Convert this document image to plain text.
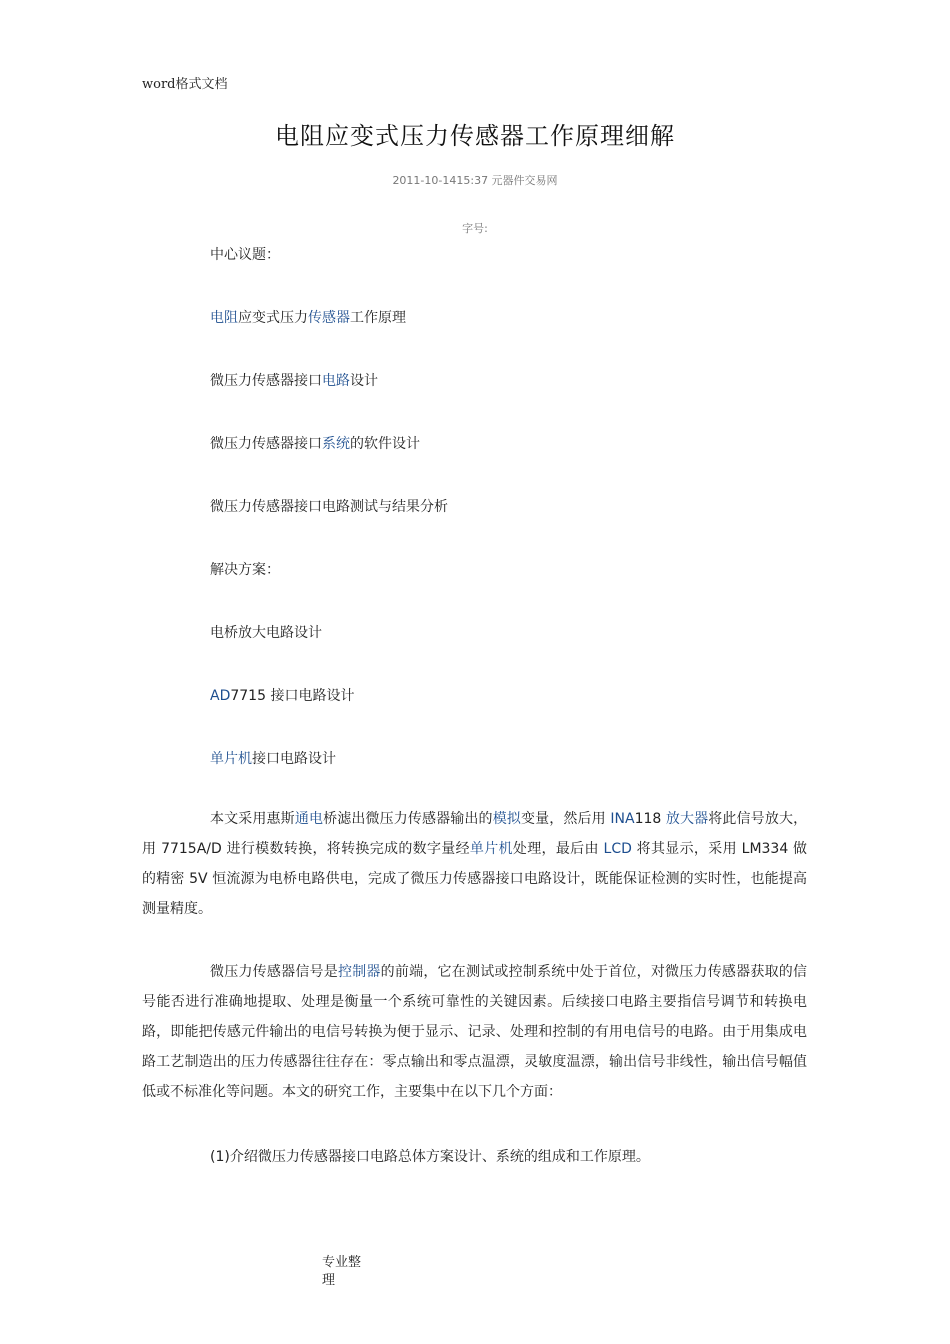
word格式文档
电阻应变式压力传感器工作原理细解
2011-10-1415:37 元器件交易网
字号:
中心议题：
电阻应变式压力传感器工作原理
微压力传感器接口电路设计
微压力传感器接口系统的软件设计
微压力传感器接口电路测试与结果分析
解决方案：
电桥放大电路设计
AD7715 接口电路设计
单片机接口电路设计
本文采用惠斯通电桥滤出微压力传感器输出的模拟变量，然后用 INA118 放大器将此信号放大，用 7715A/D 进行模数转换，将转换完成的数字量经单片机处理，最后由 LCD 将其显示，采用 LM334 做的精密 5V 恒流源为电桥电路供电，完成了微压力传感器接口电路设计，既能保证检测的实时性，也能提高测量精度。
微压力传感器信号是控制器的前端，它在测试或控制系统中处于首位，对微压力传感器获取的信号能否进行准确地提取、处理是衡量一个系统可靠性的关键因素。后续接口电路主要指信号调节和转换电路，即能把传感元件输出的电信号转换为便于显示、记录、处理和控制的有用电信号的电路。由于用集成电路工艺制造出的压力传感器往往存在：零点输出和零点温漂，灵敏度温漂，输出信号非线性，输出信号幅值低或不标准化等问题。本文的研究工作，主要集中在以下几个方面：
(1)介绍微压力传感器接口电路总体方案设计、系统的组成和工作原理。
专业整理
